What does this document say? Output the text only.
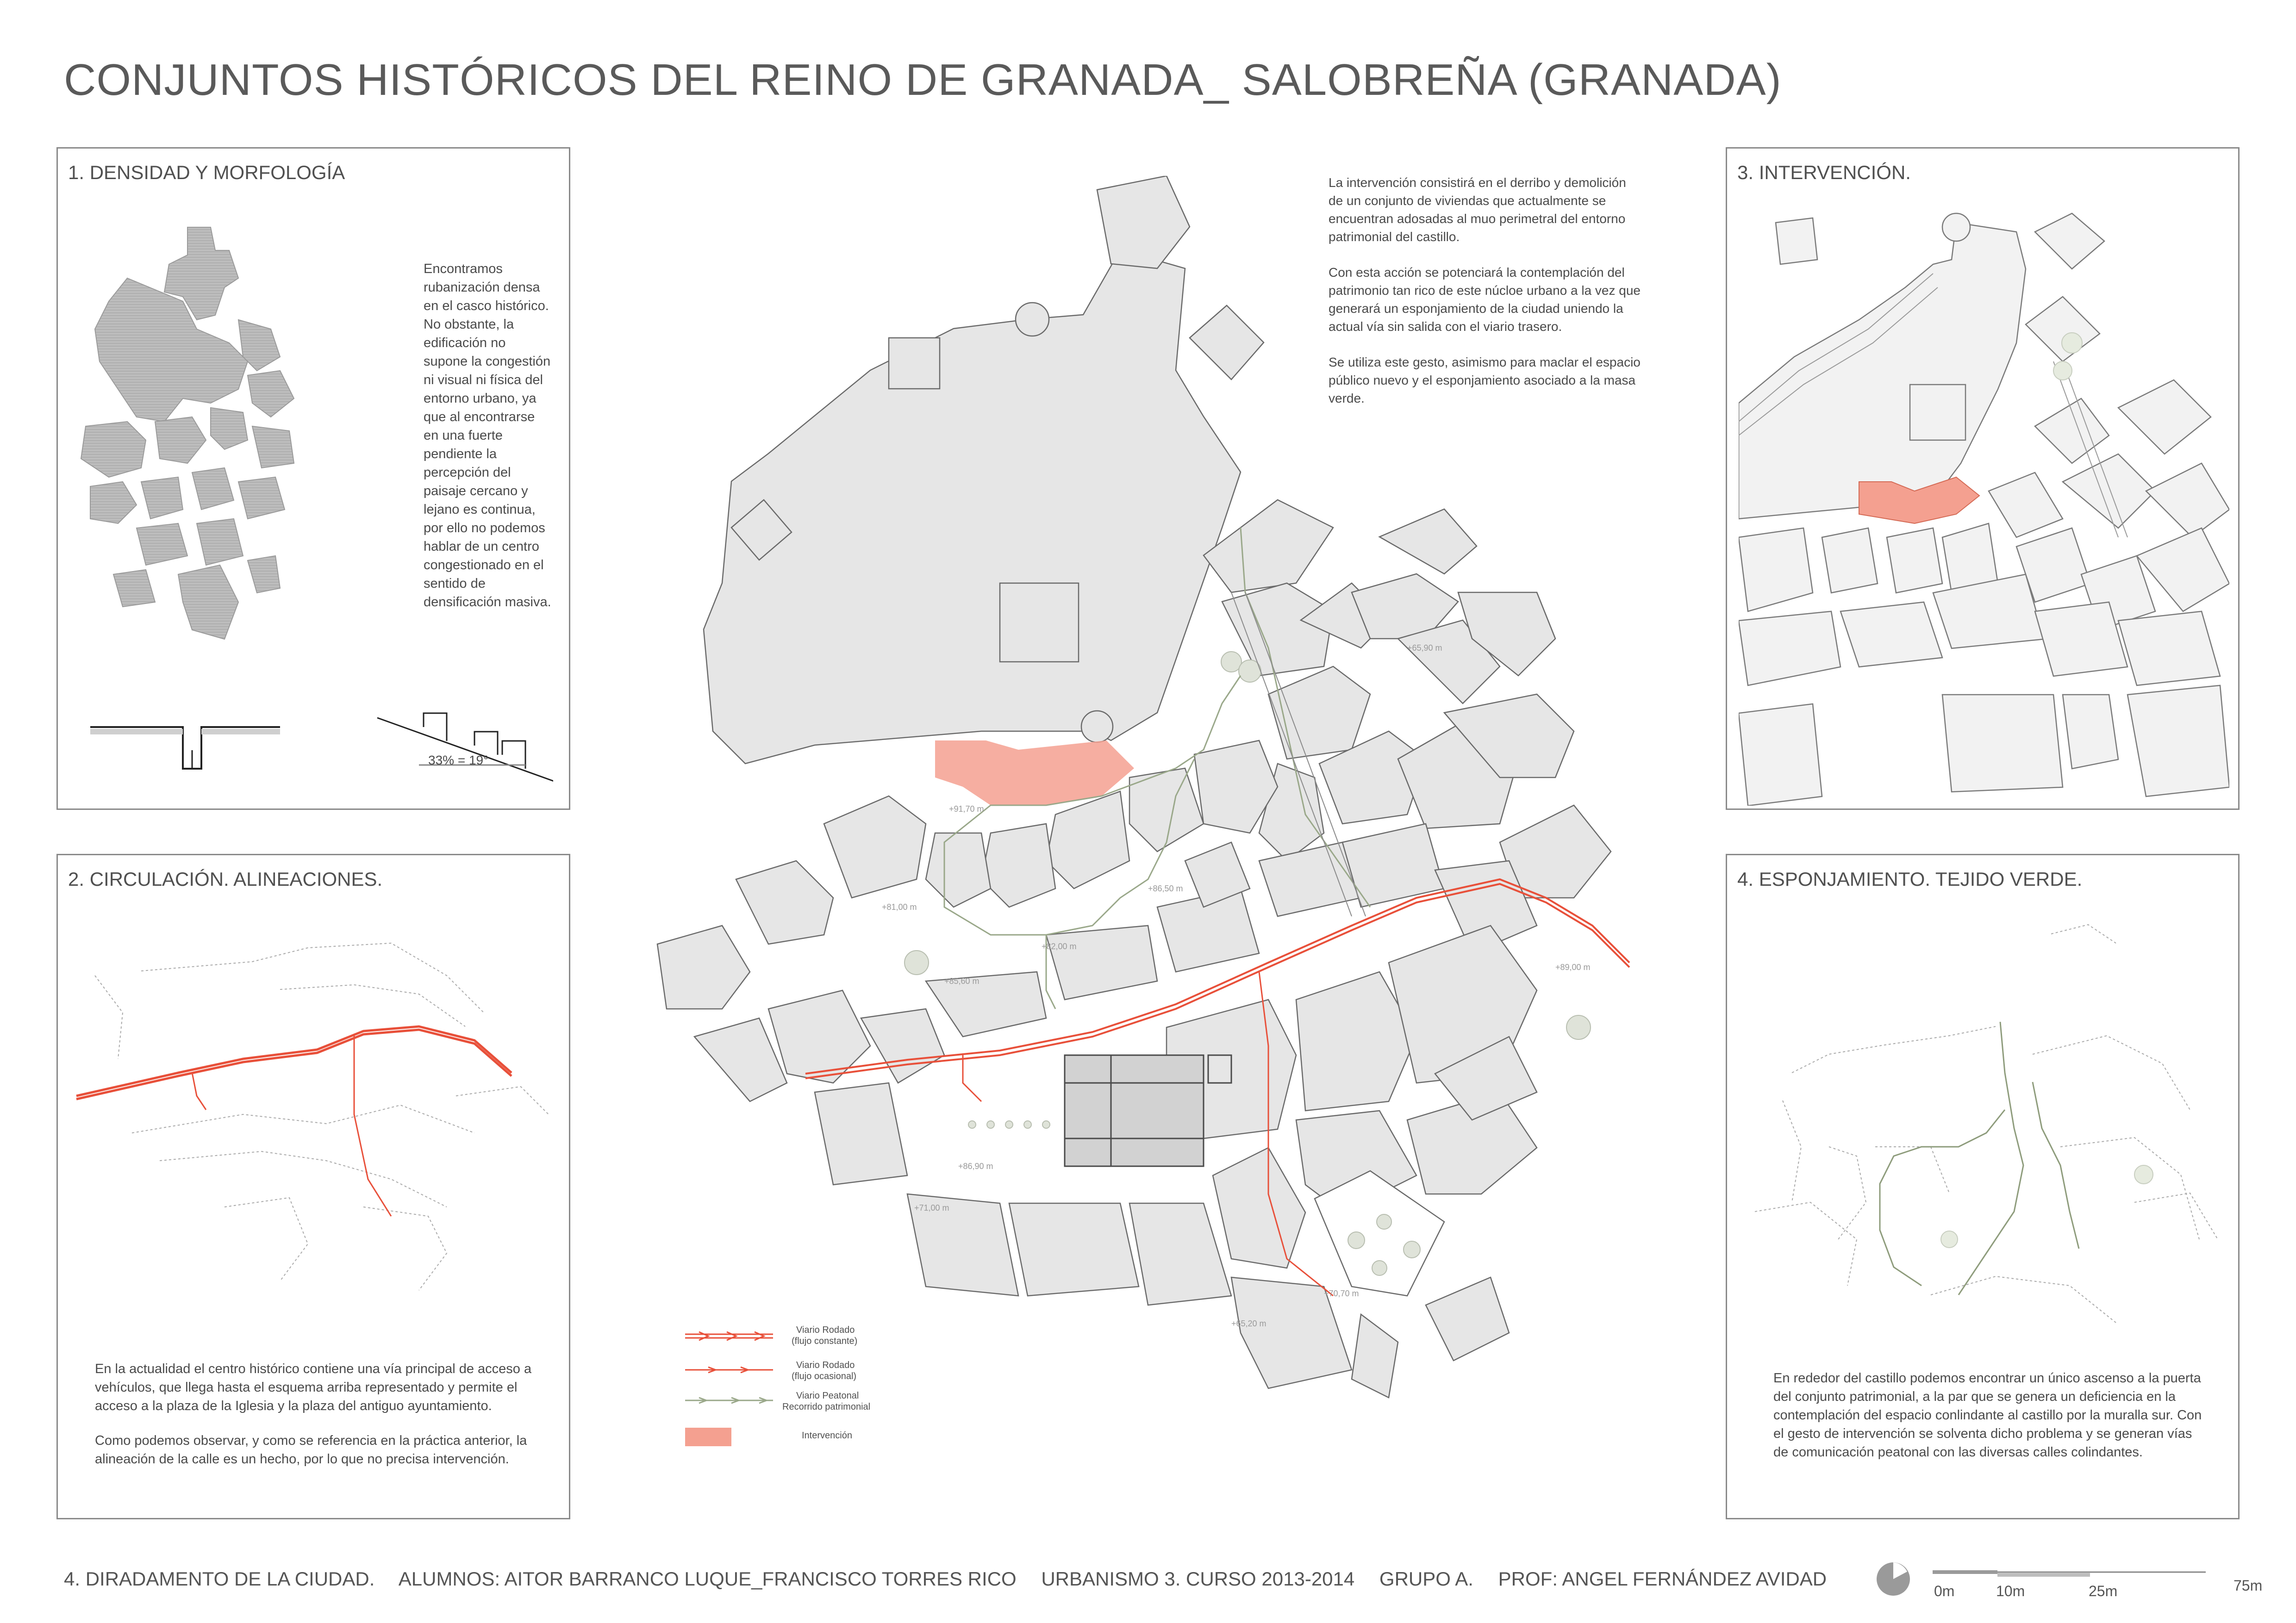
CONJUNTOS HISTÓRICOS DEL REINO DE GRANADA_ SALOBREÑA (GRANADA)
1. DENSIDAD Y MORFOLOGÍA
Encontramos rubanización densa en el casco histórico. No obstante, la edificación no supone la congestión ni visual ni física del entorno urbano, ya que al encontrarse en una fuerte pendiente la percepción del paisaje cercano y lejano es continua, por ello no podemos hablar de un centro congestionado en el sentido de densificación masiva.
33% = 19°
2. CIRCULACIÓN. ALINEACIONES.
En la actualidad el centro histórico contiene una vía principal de acceso a vehículos, que llega hasta el esquema arriba representado y permite el acceso a la plaza de la Iglesia y la plaza del antiguo ayuntamiento.
Como podemos observar, y como se referencia en la práctica anterior, la alineación de la calle es un hecho, por lo que no precisa intervención.
+65,90 m
+91,70 m
+81,00 m
+82,00 m
+86,50 m
+86,90 m
+85,60 m
+71,00 m
+70,70 m
+65,20 m
+89,00 m

La intervención consistirá en el derribo y demolición de un conjunto de viviendas que actualmente se encuentran adosadas al muo perimetral del entorno patrimonial del castillo.

Con esta acción se potenciará la contemplación del patrimonio tan rico de este núcloe urbano a la vez que generará un esponjamiento de la ciudad uniendo la actual vía sin salida con el viario trasero.

Se utiliza este gesto, asimismo para maclar el espacio público nuevo y el esponjamiento asociado a la masa verde.

Viario Rodado
(flujo constante)
Viario Rodado
(flujo ocasional)
Viario Peatonal
Recorrido patrimonial
Intervención
3. INTERVENCIÓN.
4. ESPONJAMIENTO. TEJIDO VERDE.
En rededor del castillo podemos encontrar un único ascenso a la puerta del conjunto patrimonial, a la par que se genera un deficiencia en la contemplación del espacio conlindante al castillo por la muralla sur. Con el gesto de intervención se solventa dicho problema y se generan vías de comunicación peatonal con las diversas calles colindantes.
4. DIRADAMENTO DE LA CIUDAD. ALUMNOS: AITOR BARRANCO LUQUE_FRANCISCO TORRES RICO URBANISMO 3. CURSO 2013-2014 GRUPO A. PROF: ANGEL FERNÁNDEZ AVIDAD
0m	10m	25m	75m
